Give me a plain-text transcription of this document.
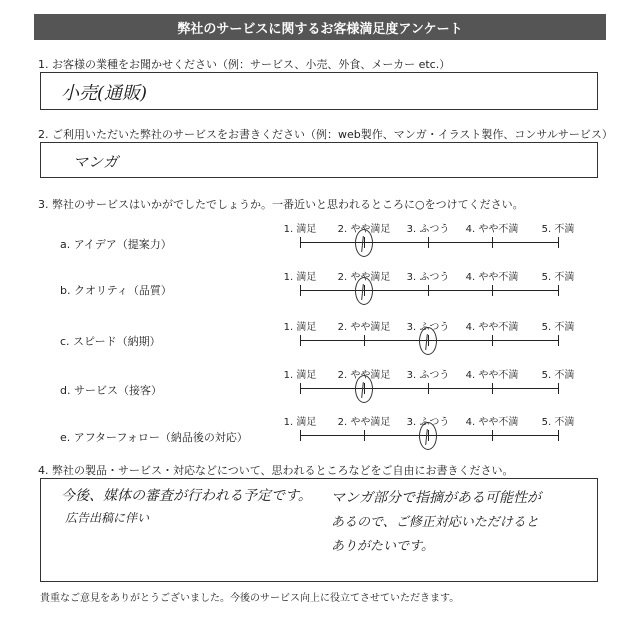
弊社のサービスに関するお客様満足度アンケート
1. お客様の業種をお聞かせください（例：サービス、小売、外食、メーカー etc.）
小売(通販)
2. ご利用いただいた弊社のサービスをお書きください（例：web製作、マンガ・イラスト製作、コンサルサービス）
マンガ
3. 弊社のサービスはいかがでしたでしょうか。一番近いと思われるところに○をつけてください。
a. アイデア（提案力）
1. 満足 2. やや満足 3. ふつう 4. やや不満 5. 不満
b. クオリティ（品質）
1. 満足 2. やや満足 3. ふつう 4. やや不満 5. 不満
c. スピード（納期）
1. 満足 2. やや満足 3. ふつう 4. やや不満 5. 不満
d. サービス（接客）
1. 満足 2. やや満足 3. ふつう 4. やや不満 5. 不満
e. アフターフォロー（納品後の対応）
1. 満足 2. やや満足 3. ふつう 4. やや不満 5. 不満
4. 弊社の製品・サービス・対応などについて、思われるところなどをご自由にお書きください。
今後、媒体の審査が行われる予定です。
広告出稿に伴い
マンガ部分で指摘がある可能性が
あるので、ご修正対応いただけると
ありがたいです。
貴重なご意見をありがとうございました。今後のサービス向上に役立てさせていただきます。
